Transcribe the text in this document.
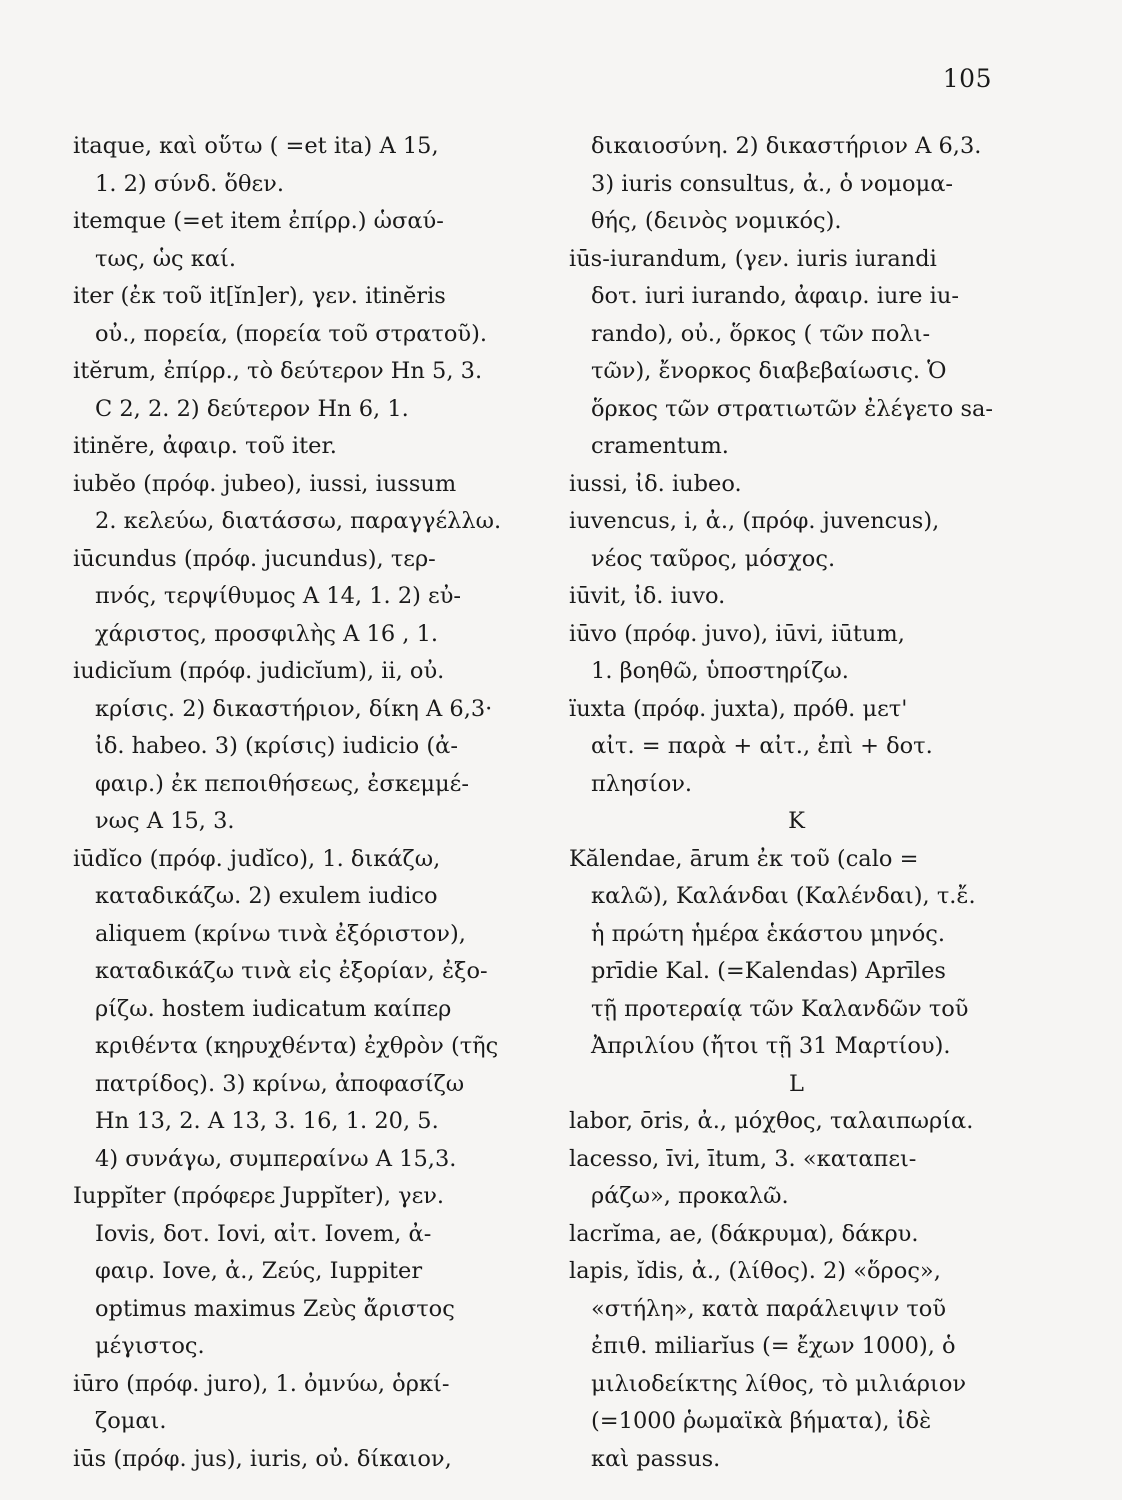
105
itaque, καὶ οὕτω ( =et ita) A 15,
1. 2) σύνδ. ὅθεν.
itemque (=et item ἐπίρρ.) ὡσαύ-
τως, ὡς καί.
iter (ἐκ τοῦ it[ĭn]er), γεν. itinĕris
οὐ., πορεία, (πορεία τοῦ στρατοῦ).
itĕrum, ἐπίρρ., τὸ δεύτερον Hn 5, 3.
C 2, 2. 2) δεύτερον Hn 6, 1.
itinĕre, ἀφαιρ. τοῦ iter.
iubĕo (πρόφ. jubeo), iussi, iussum
2. κελεύω, διατάσσω, παραγγέλλω.
iūcundus (πρόφ. jucundus), τερ-
πνός, τερψίθυμος A 14, 1. 2) εὐ-
χάριστος, προσφιλὴς A 16 , 1.
iudicĭum (πρόφ. judicĭum), ii, οὐ.
κρίσις. 2) δικαστήριον, δίκη A 6,3·
ἰδ. habeo. 3) (κρίσις) iudicio (ἀ-
φαιρ.) ἐκ πεποιθήσεως, ἐσκεμμέ-
νως A 15, 3.
iūdĭco (πρόφ. judĭco), 1. δικάζω,
καταδικάζω. 2) exulem iudico
aliquem (κρίνω τινὰ ἐξόριστον),
καταδικάζω τινὰ εἰς ἐξορίαν, ἐξο-
ρίζω. hostem iudicatum καίπερ
κριθέντα (κηρυχθέντα) ἐχθρὸν (τῆς
πατρίδος). 3) κρίνω, ἀποφασίζω
Hn 13, 2. A 13, 3. 16, 1. 20, 5.
4) συνάγω, συμπεραίνω A 15,3.
Iuppĭter (πρόφερε Juppĭter), γεν.
Iovis, δοτ. Iovi, αἰτ. Iovem, ἀ-
φαιρ. Iove, ἀ., Ζεύς, Iuppiter
optimus maximus Ζεὺς ἄριστος
μέγιστος.
iūro (πρόφ. juro), 1. ὀμνύω, ὁρκί-
ζομαι.
iūs (πρόφ. jus), iuris, οὐ. δίκαιον,
δικαιοσύνη. 2) δικαστήριον A 6,3.
3) iuris consultus, ἀ., ὁ νομομα-
θής, (δεινὸς νομικός).
iūs-iurandum, (γεν. iuris iurandi
δοτ. iuri iurando, ἀφαιρ. iure iu-
rando), οὐ., ὅρκος ( τῶν πολι-
τῶν), ἔνορκος διαβεβαίωσις. Ὁ
ὅρκος τῶν στρατιωτῶν ἐλέγετο sa-
cramentum.
iussi, ἰδ. iubeo.
iuvencus, i, ἀ., (πρόφ. juvencus),
νέος ταῦρος, μόσχος.
iūvit, ἰδ. iuvo.
iūvo (πρόφ. juvo), iūvi, iūtum,
1. βοηθῶ, ὑποστηρίζω.
ïuxta (πρόφ. juxta), πρόθ. μετ'
αἰτ. = παρὰ + αἰτ., ἐπὶ + δοτ.
πλησίον.
K
Kălendae, ārum ἐκ τοῦ (calo =
καλῶ), Καλάνδαι (Καλένδαι), τ.ἔ.
ἡ πρώτη ἡμέρα ἑκάστου μηνός.
prīdie Kal. (=Kalendas) Aprīles
τῇ προτεραίᾳ τῶν Καλανδῶν τοῦ
Ἀπριλίου (ἤτοι τῇ 31 Μαρτίου).
L
labor, ōris, ἀ., μόχθος, ταλαιπωρία.
lacesso, īvi, ītum, 3. «καταπει-
ράζω», προκαλῶ.
lacrĭma, ae, (δάκρυμα), δάκρυ.
lapis, ĭdis, ἀ., (λίθος). 2) «ὅρος»,
«στήλη», κατὰ παράλειψιν τοῦ
ἐπιθ. miliarĭus (= ἔχων 1000), ὁ
μιλιοδείκτης λίθος, τὸ μιλιάριον
(=1000 ῥωμαϊκὰ βήματα), ἰδὲ
καὶ passus.
